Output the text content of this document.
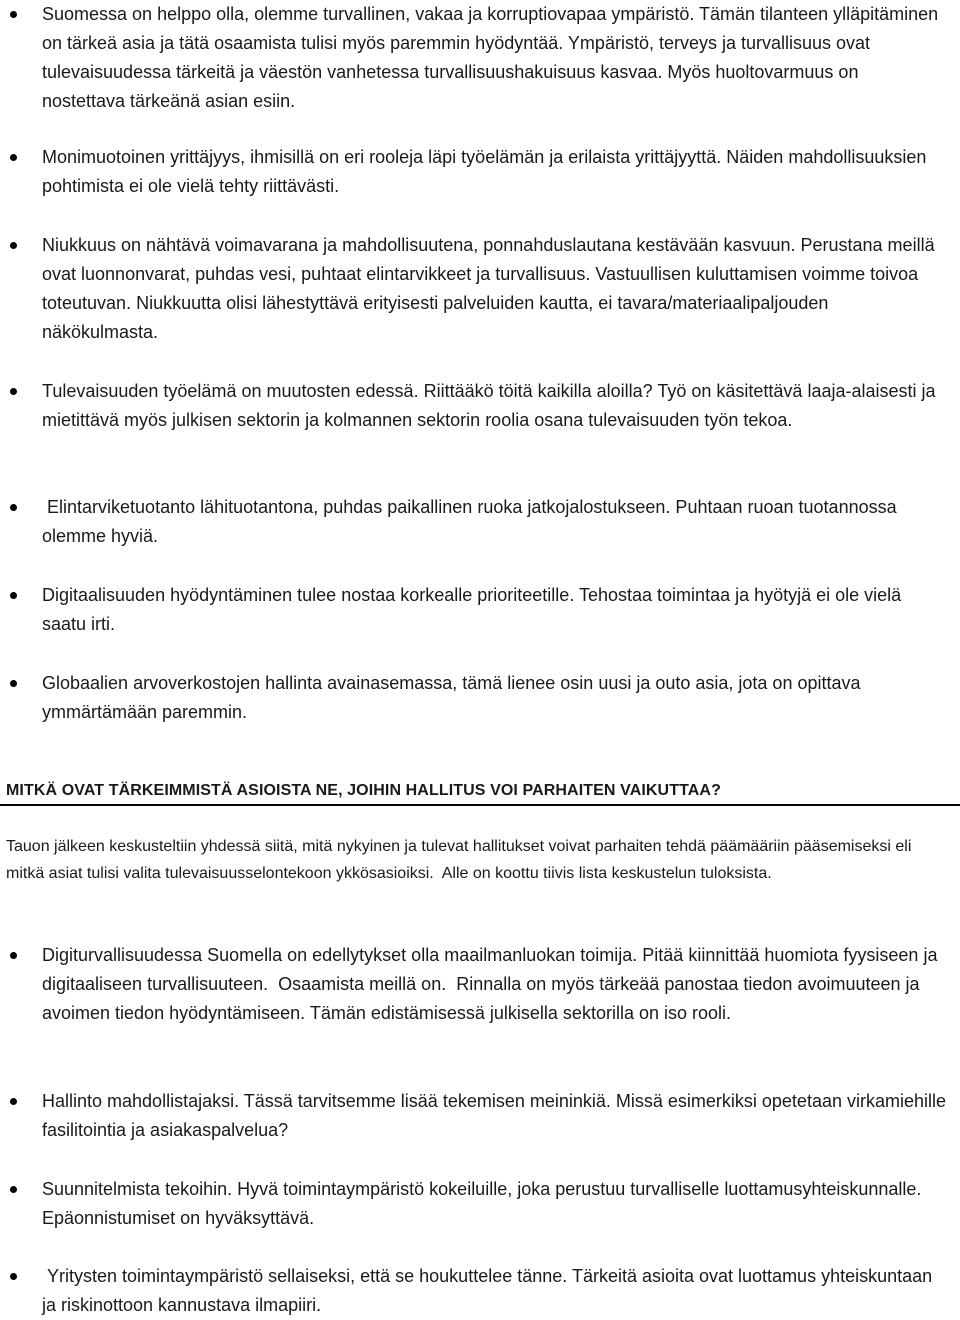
Suomessa on helppo olla, olemme turvallinen, vakaa ja korruptiovapaa ympäristö. Tämän tilanteen ylläpitäminen on tärkeä asia ja tätä osaamista tulisi myös paremmin hyödyntää. Ympäristö, terveys ja turvallisuus ovat tulevaisuudessa tärkeitä ja väestön vanhetessa turvallisuushakuisuus kasvaa. Myös huoltovarmuus on nostettava tärkeänä asian esiin.
Monimuotoinen yrittäjyys, ihmisillä on eri rooleja läpi työelämän ja erilaista yrittäjyyttä. Näiden mahdollisuuksien pohtimista ei ole vielä tehty riittävästi.
Niukkuus on nähtävä voimavarana ja mahdollisuutena, ponnahduslautana kestävään kasvuun. Perustana meillä ovat luonnonvarat, puhdas vesi, puhtaat elintarvikkeet ja turvallisuus. Vastuullisen kuluttamisen voimme toivoa toteutuvan. Niukkuutta olisi lähestyttävä erityisesti palveluiden kautta, ei tavara/materiaalipaljouden näkökulmasta.
Tulevaisuuden työelämä on muutosten edessä. Riittääkö töitä kaikilla aloilla? Työ on käsitettävä laaja-alaisesti ja mietittävä myös julkisen sektorin ja kolmannen sektorin roolia osana tulevaisuuden työn tekoa.
Elintarviketuotanto lähituotantona, puhdas paikallinen ruoka jatkojalostukseen. Puhtaan ruoan tuotannossa olemme hyviä.
Digitaalisuuden hyödyntäminen tulee nostaa korkealle prioriteetille. Tehostaa toimintaa ja hyötyjä ei ole vielä saatu irti.
Globaalien arvoverkostojen hallinta avainasemassa, tämä lienee osin uusi ja outo asia, jota on opittava ymmärtämään paremmin.
MITKÄ OVAT TÄRKEIMMISTÄ ASIOISTA NE, JOIHIN HALLITUS VOI PARHAITEN VAIKUTTAA?
Tauon jälkeen keskusteltiin yhdessä siitä, mitä nykyinen ja tulevat hallitukset voivat parhaiten tehdä päämääriin pääsemiseksi eli mitkä asiat tulisi valita tulevaisuusselontekoon ykkösasioiksi.  Alle on koottu tiivis lista keskustelun tuloksista.
Digiturvallisuudessa Suomella on edellytykset olla maailmanluokan toimija. Pitää kiinnittää huomiota fyysiseen ja digitaaliseen turvallisuuteen.  Osaamista meillä on.  Rinnalla on myös tärkeää panostaa tiedon avoimuuteen ja avoimen tiedon hyödyntämiseen. Tämän edistämisessä julkisella sektorilla on iso rooli.
Hallinto mahdollistajaksi. Tässä tarvitsemme lisää tekemisen meininkiä. Missä esimerkiksi opetetaan virkamiehille fasilitointia ja asiakaspalvelua?
Suunnitelmista tekoihin. Hyvä toimintaympäristö kokeiluille, joka perustuu turvalliselle luottamusyhteiskunnalle. Epäonnistumiset on hyväksyttävä.
Yritysten toimintaympäristö sellaiseksi, että se houkuttelee tänne. Tärkeitä asioita ovat luottamus yhteiskuntaan ja riskinottoon kannustava ilmapiiri.
